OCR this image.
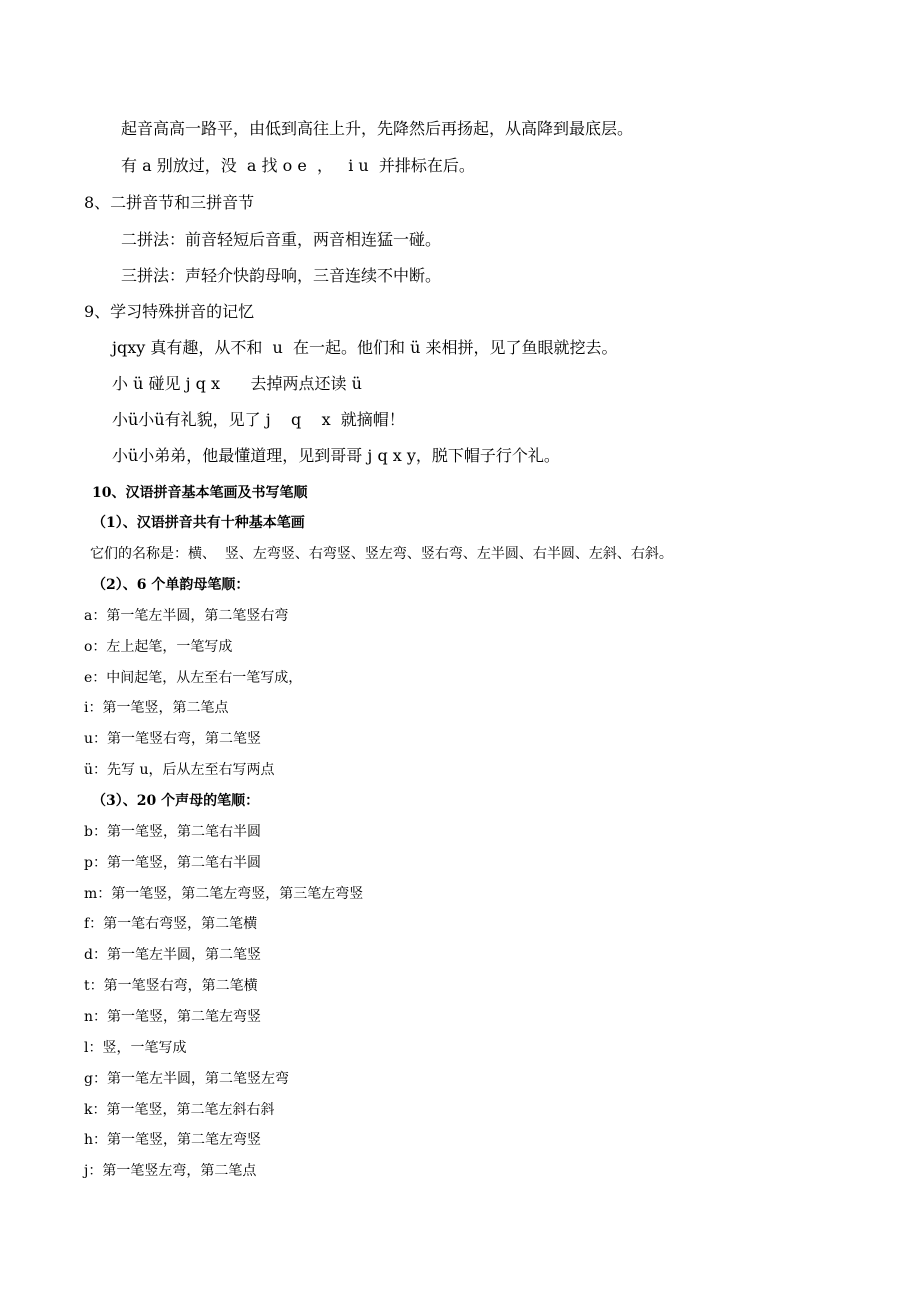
起音高高一路平，由低到高往上升，先降然后再扬起，从高降到最底层。
有 a 别放过，没  a 找 o e  ，   i u  并排标在后。
8、二拼音节和三拼音节
二拼法：前音轻短后音重，两音相连猛一碰。
三拼法：声轻介快韵母响，三音连续不中断。
9、学习特殊拼音的记忆
jqxy 真有趣，从不和  u  在一起。他们和 ü 来相拼，见了鱼眼就挖去。
小 ü 碰见 j q x      去掉两点还读 ü
小ü小ü有礼貌，见了 j    q    x  就摘帽！
小ü小弟弟，他最懂道理，见到哥哥 j q x y，脱下帽子行个礼。
10、汉语拼音基本笔画及书写笔顺
（1）、汉语拼音共有十种基本笔画
它们的名称是：横、  竖、左弯竖、右弯竖、竖左弯、竖右弯、左半圆、右半圆、左斜、右斜。
（2）、6 个单韵母笔顺：
a：第一笔左半圆，第二笔竖右弯
o：左上起笔，一笔写成
e：中间起笔，从左至右一笔写成，
i：第一笔竖，第二笔点
u：第一笔竖右弯，第二笔竖
ü：先写 u，后从左至右写两点
（3）、20 个声母的笔顺：
b：第一笔竖，第二笔右半圆
p：第一笔竖，第二笔右半圆
m：第一笔竖，第二笔左弯竖，第三笔左弯竖
f：第一笔右弯竖，第二笔横
d：第一笔左半圆，第二笔竖
t：第一笔竖右弯，第二笔横
n：第一笔竖，第二笔左弯竖
l：竖，一笔写成
g：第一笔左半圆，第二笔竖左弯
k：第一笔竖，第二笔左斜右斜
h：第一笔竖，第二笔左弯竖
j：第一笔竖左弯，第二笔点
